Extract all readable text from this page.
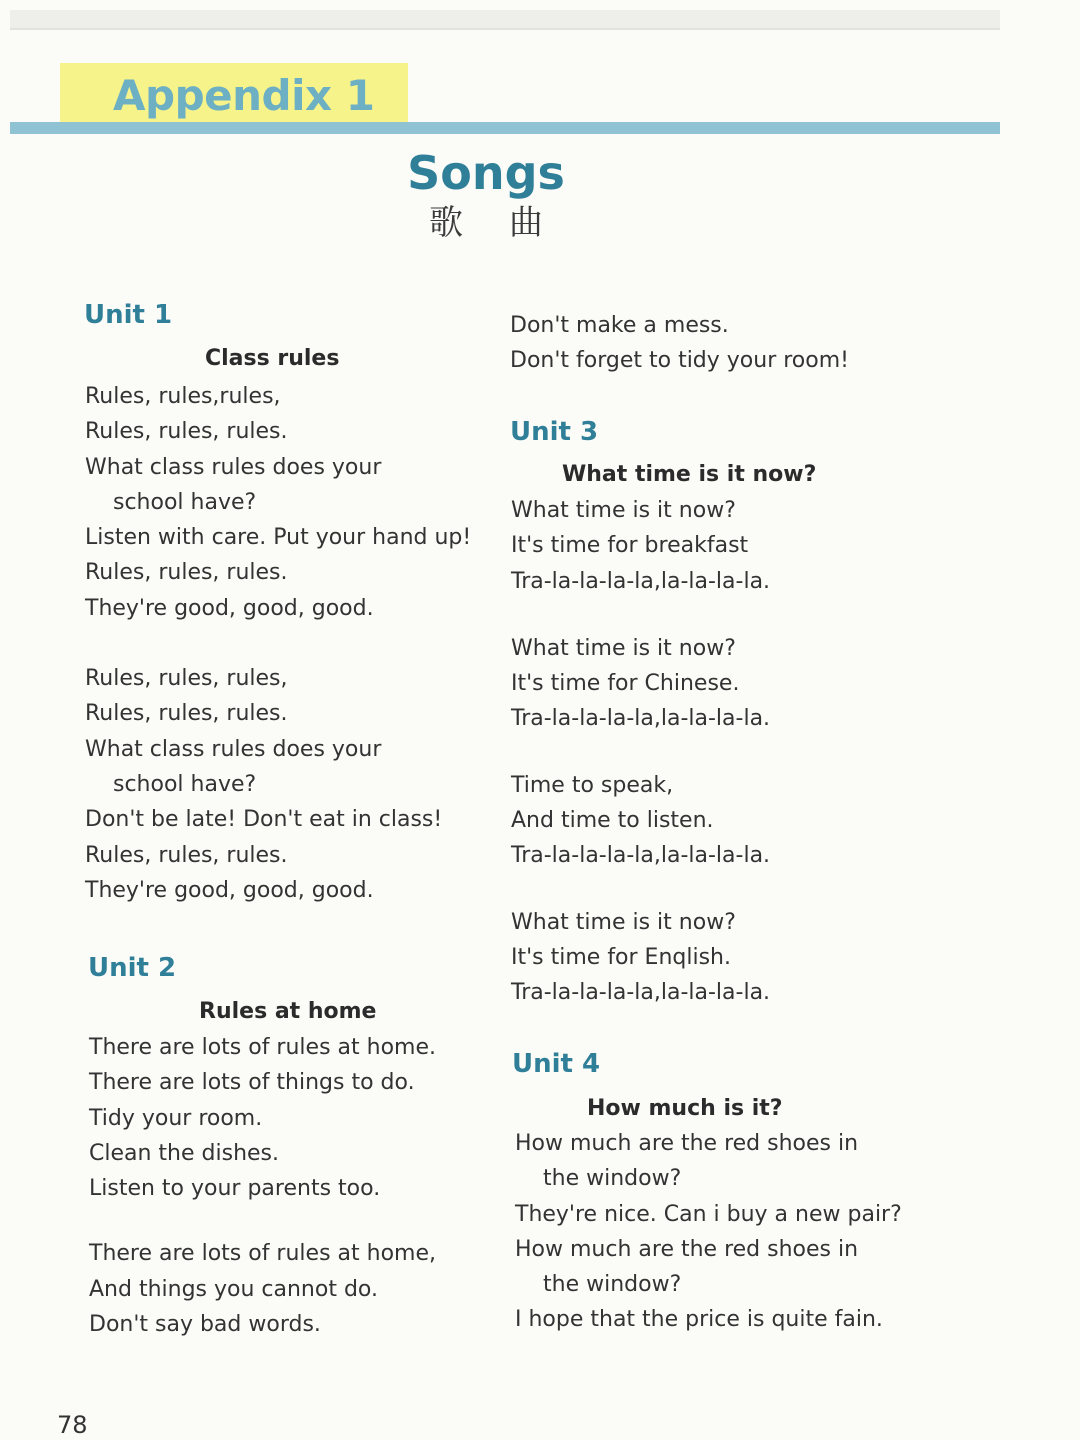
Appendix 1
Songs
歌曲
Unit 1
Class rules
Rules, rules,rules,
Rules, rules, rules.
What class rules does your
school have?
Listen with care. Put your hand up!
Rules, rules, rules.
They're good, good, good.
Rules, rules, rules,
Rules, rules, rules.
What class rules does your
school have?
Don't be late! Don't eat in class!
Rules, rules, rules.
They're good, good, good.
Unit 2
Rules at home
There are lots of rules at home.
There are lots of things to do.
Tidy your room.
Clean the dishes.
Listen to your parents too.
There are lots of rules at home,
And things you cannot do.
Don't say bad words.
Don't make a mess.
Don't forget to tidy your room!
Unit 3
What time is it now?
What time is it now?
It's time for breakfast
Tra-la-la-la-la,la-la-la-la.
What time is it now?
It's time for Chinese.
Tra-la-la-la-la,la-la-la-la.
Time to speak,
And time to listen.
Tra-la-la-la-la,la-la-la-la.
What time is it now?
It's time for Enqlish.
Tra-la-la-la-la,la-la-la-la.
Unit 4
How much is it?
How much are the red shoes in
the window?
They're nice. Can i buy a new pair?
How much are the red shoes in
the window?
I hope that the price is quite fain.
78
